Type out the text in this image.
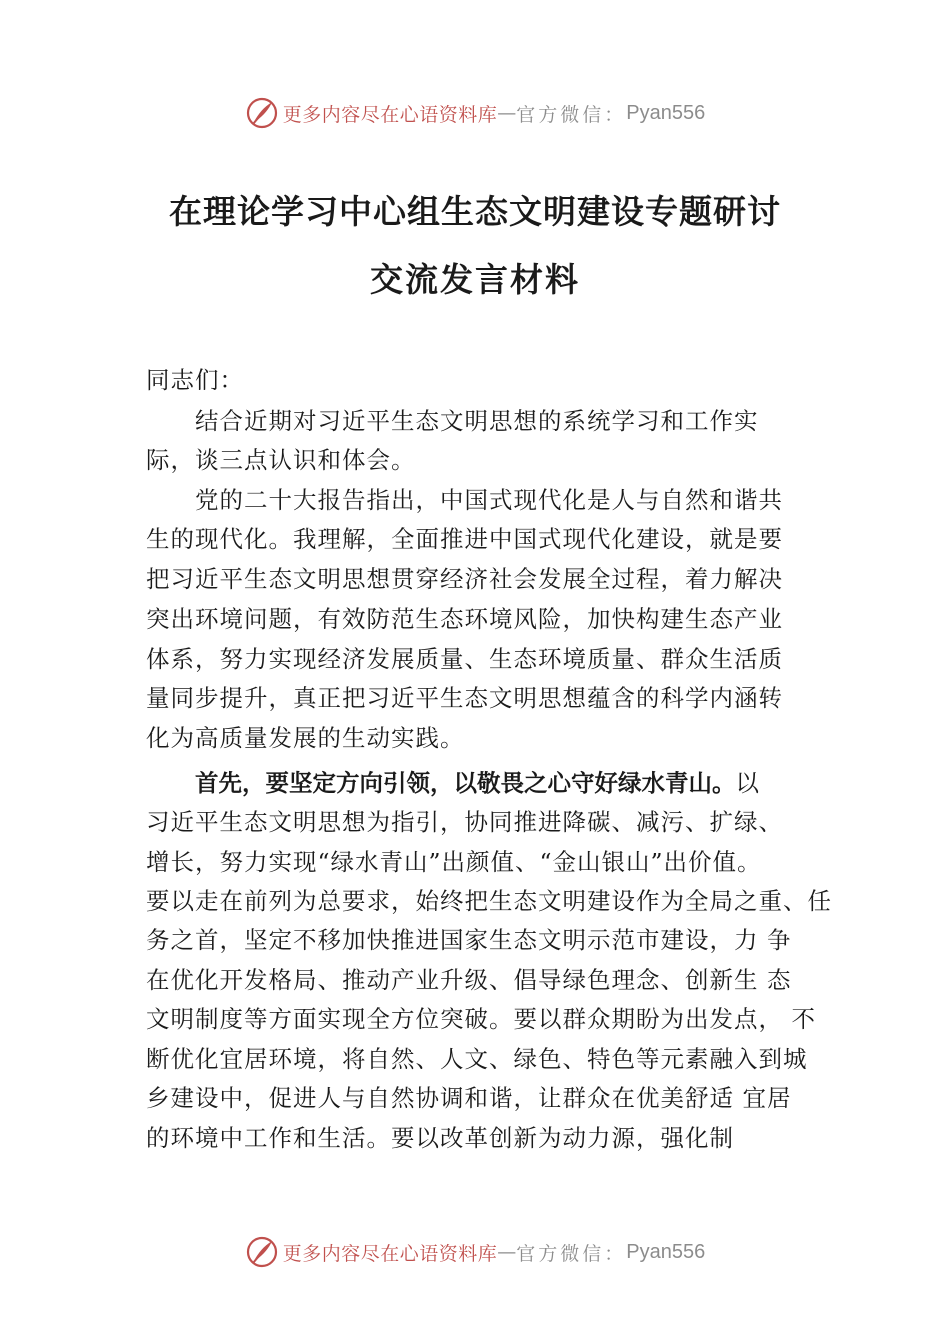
更多内容尽在心语资料库 — 官方微信： Pyan556
在理论学习中心组生态文明建设专题研讨
交流发言材料
同志们：
结合近期对习近平生态文明思想的系统学习和工作实
际，谈三点认识和体会。
党的二十大报告指出，中国式现代化是人与自然和谐共
生的现代化。我理解，全面推进中国式现代化建设，就是要
把习近平生态文明思想贯穿经济社会发展全过程，着力解决
突出环境问题，有效防范生态环境风险，加快构建生态产业
体系，努力实现经济发展质量、生态环境质量、群众生活质
量同步提升，真正把习近平生态文明思想蕴含的科学内涵转
化为高质量发展的生动实践。
首先，要坚定方向引领，以敬畏之心守好绿水青山。以
习近平生态文明思想为指引，协同推进降碳、减污、扩绿、
增长，努力实现“绿水青山”出颜值、“金山银山”出价值。
要以走在前列为总要求，始终把生态文明建设作为全局之重、任
务之首，坚定不移加快推进国家生态文明示范市建设，力 争
在优化开发格局、推动产业升级、倡导绿色理念、创新生 态
文明制度等方面实现全方位突破。要以群众期盼为出发点， 不
断优化宜居环境，将自然、人文、绿色、特色等元素融入到城
乡建设中，促进人与自然协调和谐，让群众在优美舒适 宜居
的环境中工作和生活。要以改革创新为动力源，强化制
更多内容尽在心语资料库 — 官方微信： Pyan556
